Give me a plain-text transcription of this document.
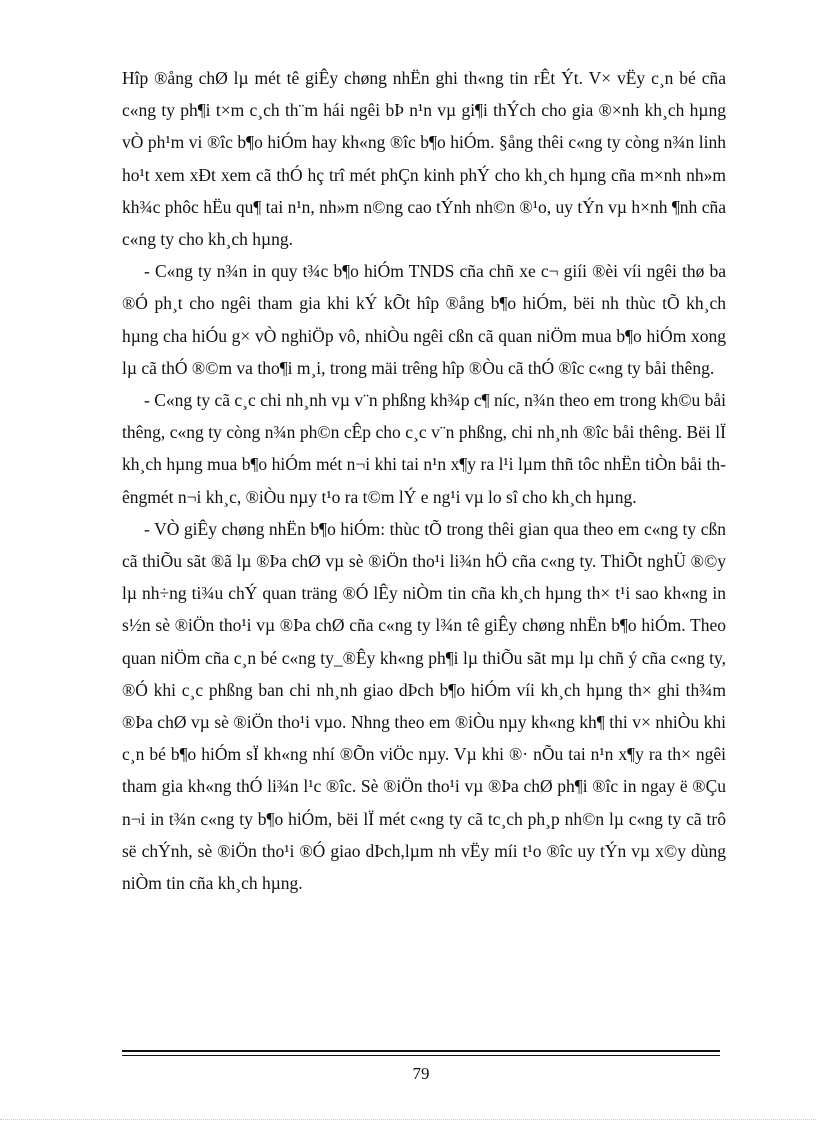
Hîp ®ång chØ lµ mét tê giÊy chøng nhËn ghi th«ng tin rÊt Ýt. V× vËy c¸n bé cña c«ng ty ph¶i t×m c¸ch th¨m hái ngêi bÞ n¹n vµ gi¶i thÝch cho gia ®×nh kh¸ch hµng vÒ ph¹m vi ®îc b¶o hiÓm hay kh«ng ®îc b¶o hiÓm. §ång thêi c«ng ty còng n¾n linh ho¹t xem xÐt xem cã thÓ hç trî mét phÇn kinh phÝ cho kh¸ch hµng cña m×nh nh»m kh¾c phôc hËu qu¶ tai n¹n, nh»m n©ng cao tÝnh nh©n ®¹o, uy tÝn vµ h×nh ¶nh cña c«ng ty cho kh¸ch hµng.

- C«ng ty n¾n in quy t¾c b¶o hiÓm TNDS cña chñ xe c¬ giíi ®èi víi ngêi thø ba ®Ó ph¸t cho ngêi tham gia khi kÝ kÕt hîp ®ång b¶o hiÓm, bëi nh thùc tÕ kh¸ch hµng cha hiÓu g× vÒ nghiÖp vô, nhiÒu ngêi cßn cã quan niÖm mua b¶o hiÓm xong lµ cã thÓ ®©m va tho¶i m¸i, trong mäi trêng hîp ®Òu cã thÓ ®îc c«ng ty båi thêng.

- C«ng ty cã c¸c chi nh¸nh vµ v¨n phßng kh¾p c¶ níc, n¾n theo em trong kh©u båi thêng, c«ng ty còng n¾n ph©n cÊp cho c¸c v¨n phßng, chi nh¸nh ®îc båi thêng. Bëi lÏ kh¸ch hµng mua b¶o hiÓm mét n¬i khi tai n¹n x¶y ra l¹i lµm thñ tôc nhËn tiÒn båi thêngmét n¬i kh¸c, ®iÒu nµy t¹o ra t©m lÝ e ng¹i vµ lo sî cho kh¸ch hµng.

- VÒ giÊy chøng nhËn b¶o hiÓm: thùc tÕ trong thêi gian qua theo em c«ng ty cßn cã thiÕu sãt ®ã lµ ®Þa chØ vµ sè ®iÖn tho¹i li¾n hÖ cña c«ng ty. ThiÕt nghÜ ®©y lµ nh÷ng ti¾u chÝ quan träng ®Ó lÊy niÒm tin cña kh¸ch hµng th× t¹i sao kh«ng in s½n sè ®iÖn tho¹i vµ ®Þa chØ cña c«ng ty l¾n tê giÊy chøng nhËn b¶o hiÓm. Theo quan niÖm cña c¸n bé c«ng ty_®Êy kh«ng ph¶i lµ thiÕu sãt mµ lµ chñ ý cña c«ng ty, ®Ó khi c¸c phßng ban chi nh¸nh giao dÞch b¶o hiÓm víi kh¸ch hµng th× ghi th¾m ®Þa chØ vµ sè ®iÖn tho¹i vµo. Nhng theo em ®iÒu nµy kh«ng kh¶ thi v× nhiÒu khi c¸n bé b¶o hiÓm sÏ kh«ng nhí ®Õn viÖc nµy. Vµ khi ®· nÕu tai n¹n x¶y ra th× ngêi tham gia kh«ng thÓ li¾n l¹c ®îc. Sè ®iÖn tho¹i vµ ®Þa chØ ph¶i ®îc in ngay ë ®Çu n¬i in t¾n c«ng ty b¶o hiÓm, bëi lÏ mét c«ng ty cã tc¸ch ph¸p nh©n lµ c«ng ty cã trô së chÝnh, sè ®iÖn tho¹i ®Ó giao dÞch,lµm nh vËy míi t¹o ®îc uy tÝn vµ x©y dùng niÒm tin cña kh¸ch hµng.

79
